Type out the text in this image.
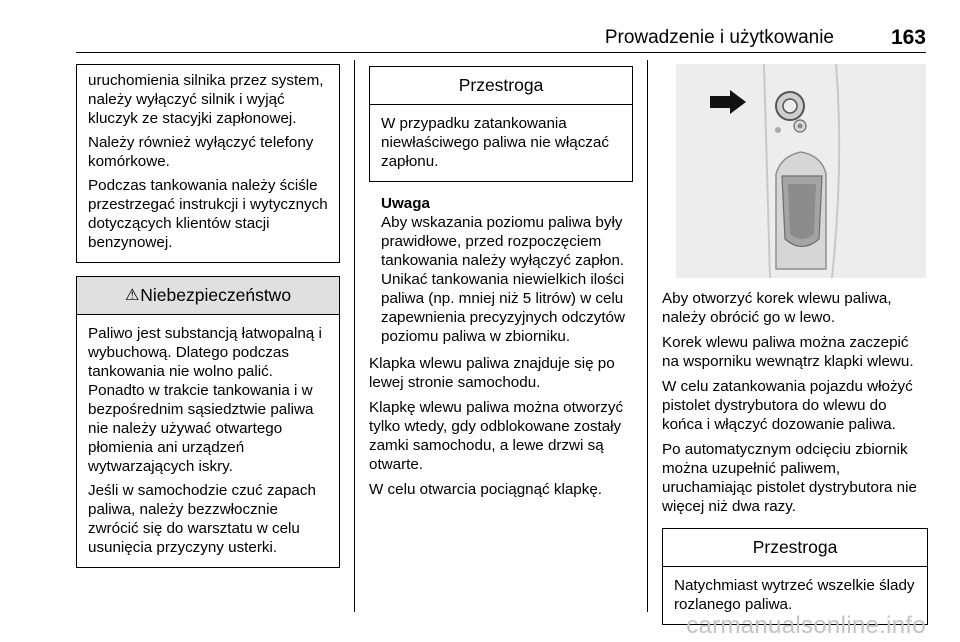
Prowadzenie i użytkowanie	163

uruchomienia silnika przez system, należy wyłączyć silnik i wyjąć kluczyk ze stacyjki zapłonowej.

Należy również wyłączyć telefony komórkowe.

Podczas tankowania należy ściśle przestrzegać instrukcji i wytycznych dotyczących klientów stacji benzynowej.

⚠Niebezpieczeństwo

Paliwo jest substancją łatwopalną i wybuchową. Dlatego podczas tankowania nie wolno palić. Ponadto w trakcie tankowania i w bezpośrednim sąsiedztwie paliwa nie należy używać otwartego płomienia ani urządzeń wytwarzających iskry.

Jeśli w samochodzie czuć zapach paliwa, należy bezzwłocznie zwrócić się do warsztatu w celu usunięcia przyczyny usterki.

Przestroga

W przypadku zatankowania niewłaściwego paliwa nie włączać zapłonu.

Uwaga

Aby wskazania poziomu paliwa były prawidłowe, przed rozpoczęciem tankowania należy wyłączyć zapłon. Unikać tankowania niewielkich ilości paliwa (np. mniej niż 5 litrów) w celu zapewnienia precyzyjnych odczytów poziomu paliwa w zbiorniku.

Klapka wlewu paliwa znajduje się po lewej stronie samochodu.

Klapkę wlewu paliwa można otworzyć tylko wtedy, gdy odblokowane zostały zamki samochodu, a lewe drzwi są otwarte.

W celu otwarcia pociągnąć klapkę.

Aby otworzyć korek wlewu paliwa, należy obrócić go w lewo.

Korek wlewu paliwa można zaczepić na wsporniku wewnątrz klapki wlewu.

W celu zatankowania pojazdu włożyć pistolet dystrybutora do wlewu do końca i włączyć dozowanie paliwa.

Po automatycznym odcięciu zbiornik można uzupełnić paliwem, uruchamiając pistolet dystrybutora nie więcej niż dwa razy.

Przestroga

Natychmiast wytrzeć wszelkie ślady rozlanego paliwa.

carmanualsonline.info
